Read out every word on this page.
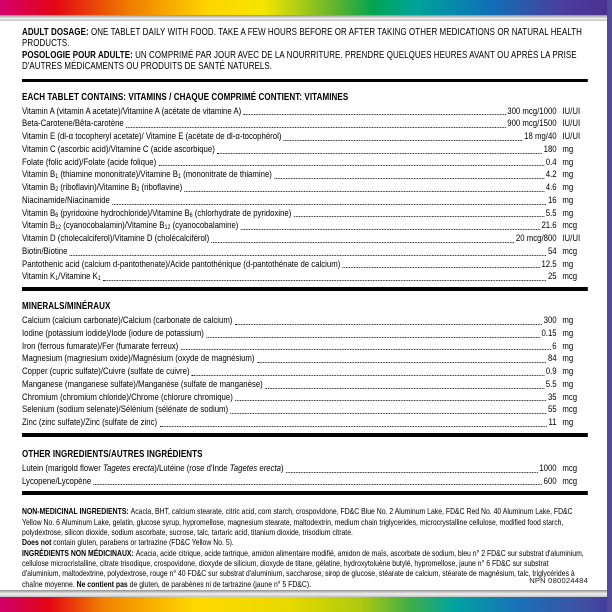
ADULT DOSAGE: ONE TABLET DAILY WITH FOOD. TAKE A FEW HOURS BEFORE OR AFTER TAKING OTHER MEDICATIONS OR NATURAL HEALTH PRODUCTS.

POSOLOGIE POUR ADULTE: UN COMPRIMÉ PAR JOUR AVEC DE LA NOURRITURE. PRENDRE QUELQUES HEURES AVANT OU APRÈS LA PRISE D'AUTRES MÉDICAMENTS OU PRODUITS DE SANTÉ NATURELS.

EACH TABLET CONTAINS: VITAMINS / CHAQUE COMPRIMÉ CONTIENT: VITAMINES
Vitamin A (vitamin A acetate)/Vitamine A (acétate de vitamine A)	300 mcg/1000 IU/UI
Beta-Carotene/Bêta-carotène	900 mcg/1500 IU/UI
Vitamin E (dl-α tocopheryl acetate)/ Vitamine E (acétate de dl-α-tocophérol)	18 mg/40 IU/UI
Vitamin C (ascorbic acid)/Vitamine C (acide ascorbique)	180 mg
Folate (folic acid)/Folate (acide folique)	0.4 mg
Vitamin $B_1$ (thiamine mononitrate)/Vitamine $B_1$ (mononitrate de thiamine)	4.2 mg
Vitamin $B_2$ (riboflavin)/Vitamine $B_2$ (riboflavine)	4.6 mg
Niacinamide/Niacinamide	16 mg
Vitamin $B_6$ (pyridoxine hydrochloride)/Vitamine $B_6$ (chlorhydrate de pyridoxine)	5.5 mg
Vitamin $B_{12}$ (cyanocobalamin)/Vitamine $B_{12}$ (cyanocobalamine)	21.6 mcg
Vitamin D (cholecalciferol)/Vitamine D (cholécalciférol)	20 mcg/800 IU/UI
Biotin/Biotine	54 mcg
Pantothenic acid (calcium d-pantothenate)/Acide pantothénique (d-pantothénate de calcium)	12.5 mg
Vitamin $K_1$/Vitamine $K_1$	25 mcg
MINERALS/MINÉRAUX
Calcium (calcium carbonate)/Calcium (carbonate de calcium)	300 mg
Iodine (potassium iodide)/Iode (iodure de potassium)	0.15 mg
Iron (ferrous fumarate)/Fer (fumarate ferreux)	6 mg
Magnesium (magnesium oxide)/Magnésium (oxyde de magnésium)	84 mg
Copper (cupric sulfate)/Cuivre (sulfate de cuivre)	0.9 mg
Manganese (manganese sulfate)/Manganèse (sulfate de manganèse)	5.5 mg
Chromium (chromium chloride)/Chrome (chlorure chromique)	35 mcg
Selenium (sodium selenate)/Sélénium (sélénate de sodium)	55 mcg
Zinc (zinc sulfate)/Zinc (sulfate de zinc)	11 mg
OTHER INGREDIENTS/AUTRES INGRÉDIENTS
Lutein (marigold flower Tagetes erecta)/Lutéine (rose d'Inde Tagetes erecta)	1000 mcg
Lycopene/Lycopène	600 mcg

NON-MEDICINAL INGREDIENTS: Acacia, BHT, calcium stearate, citric acid, corn starch, crospovidone, FD&C Blue No. 2 Aluminum Lake, FD&C Red No. 40 Aluminum Lake, FD&C Yellow No. 6 Aluminum Lake, gelatin, glucose syrup, hypromellose, magnesium stearate, maltodextrin, medium chain triglycerides, microcrystalline cellulose, modified food starch, polydextrose, silicon dioxide, sodium ascorbate, sucrose, talc, tartaric acid, titanium dioxide, trisodium citrate.

Does not contain gluten, parabens or tartrazine (FD&C Yellow No. 5).

INGRÉDIENTS NON MÉDICINAUX: Acacia, acide citrique, acide tartrique, amidon alimentaire modifié, amidon de maïs, ascorbate de sodium, bleu n° 2 FD&C sur substrat d'aluminium, cellulose microcristalline, citrate trisodique, crospovidone, dioxyde de silicium, dioxyde de titane, gélatine, hydroxytoluène butylé, hypromellose, jaune n° 6 FD&C sur substrat d'aluminium, maltodextrine, polydextrose, rouge n° 40 FD&C sur substrat d'aluminium, saccharose, sirop de glucose, stéarate de calcium, stéarate de magnésium, talc, triglycérides à chaîne moyenne. Ne contient pas de gluten, de parabènes ni de tartrazine (jaune n° 5 FD&C).	NPN 080024484
